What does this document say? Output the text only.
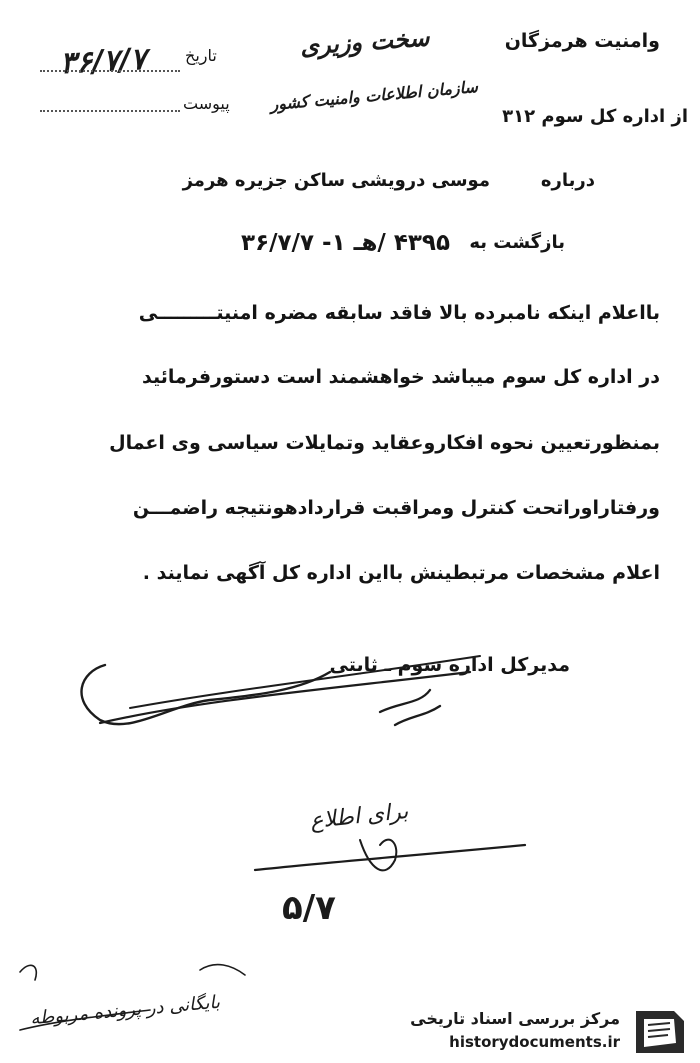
وامنیت هرمزگان
سخت وزیری
تاریخ
۳۶/۷/۷
پیوست سازمان اطلاعات وامنیت کشور
از اداره کل سوم ۳۱۲
درباره
موسی درویشی ساکن جزیره هرمز
بازگشت به
۴۳۹۵ /هـ ۱- ۳۶/۷/۷
بااعلام اینکه نامبرده بالا فاقد سابقه مضره امنیتـــــــــی
در اداره کل سوم میباشد خواهشمند است دستورفرمائید
بمنظورتعیین نحوه افکاروعقاید وتمایلات سیاسی وی اعمال
ورفتاراوراتحت کنترل ومراقبت قراردادهونتیجه راضمـــن
اعلام مشخصات مرتبطینش بااین اداره کل آگهی نمایند .
مدیرکل اداره سوم ـ ثابتی
برای اطلاع
۵/۷
بایگانی در پرونده مربوطه	مرکز بررسی اسناد تاریخی
historydocuments.ir
